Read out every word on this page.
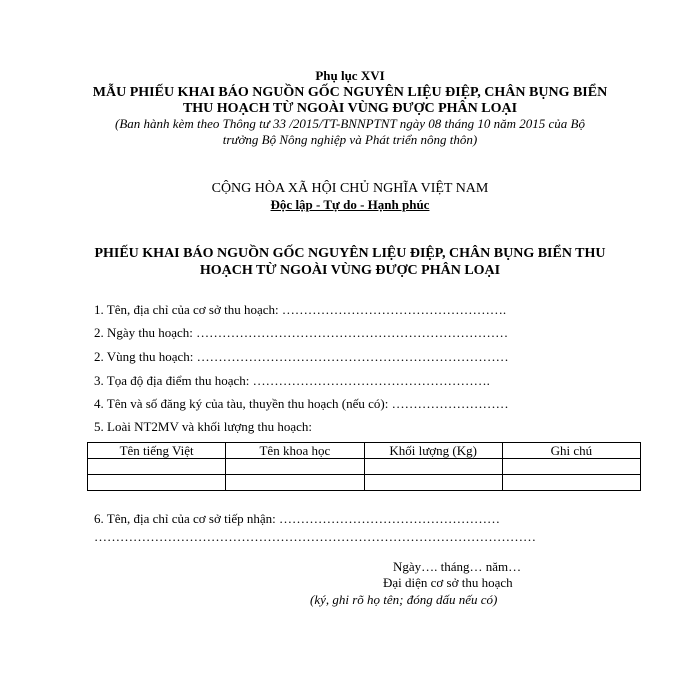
Phụ lục XVI
MẪU PHIẾU KHAI BÁO NGUỒN GỐC NGUYÊN LIỆU ĐIỆP, CHÂN BỤNG BIỂN
THU HOẠCH TỪ NGOÀI VÙNG ĐƯỢC PHÂN LOẠI
(Ban hành kèm theo Thông tư 33 /2015/TT-BNNPTNT ngày 08 tháng 10 năm 2015 của Bộ
trưởng Bộ Nông nghiệp và Phát triển nông thôn)
CỘNG HÒA XÃ HỘI CHỦ NGHĨA VIỆT NAM
Độc lập - Tự do - Hạnh phúc
PHIẾU KHAI BÁO NGUỒN GỐC NGUYÊN LIỆU ĐIỆP, CHÂN BỤNG BIỂN THU
HOẠCH TỪ NGOÀI VÙNG ĐƯỢC PHÂN LOẠI
1. Tên, địa chỉ của cơ sở thu hoạch: …………………………………………….
2. Ngày thu hoạch: ………………………………………………………………
2. Vùng thu hoạch: ………………………………………………………………
3. Tọa độ địa điểm thu hoạch: ……………………………………………….
4. Tên và số đăng ký của tàu, thuyền thu hoạch (nếu có): ………………………
5. Loài NT2MV và khối lượng thu hoạch:
Tên tiếng Việt	Tên khoa học	Khối lượng (Kg)	Ghi chú

6. Tên, địa chỉ của cơ sở tiếp nhận: ……………………………………………
…………………………………………………………………………………………
Ngày…. tháng… năm…
Đại diện cơ sở thu hoạch
(ký, ghi rõ họ tên; đóng dấu nếu có)
